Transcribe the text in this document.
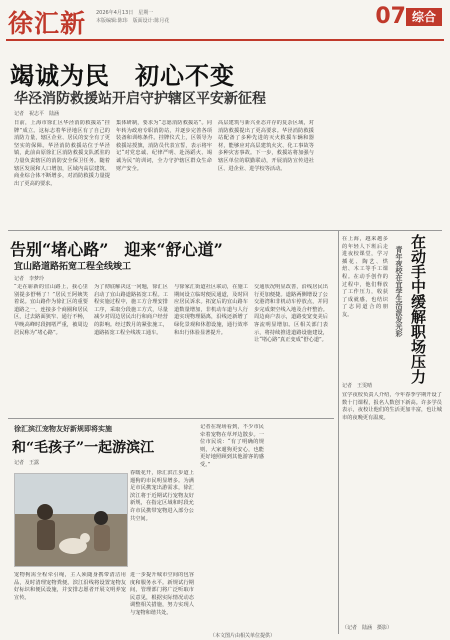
徐汇新 2026年4月13日　星期一
本版编辑:陈玮　版面设计:陈月花	07 综合
竭诚为民　初心不变
华泾消防救援站开启守护辖区平安新征程
记者　祝志平　陆涵
日前，上海市徐汇区华泾消防救援站“挂牌”成立。这标志着华泾地区有了自己的消防力量，辖区企业、居民的安全有了更坚实的保障。华泾消防救援站位于华泾镇，此前由原徐汇区消防救援支队派驻的力量负责辖区的消防安全保卫任务。随着辖区发展和人口增加，区域内高层建筑、商业综合体不断增多，对消防救援力量提出了更高的要求。
集体研制，要求为“志愿消防救援站”。同年转为政府专职消防站，并逐步完善各项装备和训练条件。挂牌仪式上，区领导为救援站授旗，消防员代表宣誓，表示将牢记“对党忠诚、纪律严明、赴汤蹈火、竭诚为民”的训词，全力守护辖区群众生命财产安全。
高层建筑与新兴业态并存的复杂区域，对消防救援提出了更高要求。华泾消防救援站配备了多种先进的灭火救援车辆和器材，能够应对高层建筑火灾、化工事故等多种灾害事故。下一步，救援站将加强与辖区单位的联勤联动，开展消防宣传进社区、进企业、进学校等活动。
告别“堵心路”　迎来“舒心道”
宜山路道路拓宽工程全线竣工
记者　李梦玲
“走在崭新的宜山路上，我心里别提多舒畅了！”居民王阿姨笑着说。宜山路作为徐汇区的重要道路之一，连接多个商圈和居民区，过去路面狭窄、通行不畅，早晚高峰时段拥堵严重，被周边居民称为“堵心路”。
为了彻底解决这一问题，徐汇区启动了宜山路道路拓宽工程。工程实施过程中，施工方合理安排工序，采取分段施工方式，尽量减少对周边居民出行和商户经营的影响。经过数月的紧张施工，道路拓宽工程全线竣工通车。
与徐家汇街道社区联动，在施工期间设立临时便民通道，及时回应居民诉求。拓宽后的宜山路车道数量增加，非机动车道与人行道实现物理隔离，沿线还新增了绿化景观和休憩设施，通行效率和出行体验显著提升。
交通状况明显改善，沿线居民出行更加便捷。道路两侧增设了公交港湾和非机动车停放点，并同步完成架空线入地及合杆整治。周边商户表示，道路变宽变美后客流明显增加。区相关部门表示，将持续推进道路设施建设，让“堵心路”真正变成“舒心道”。
徐汇滨江宠物友好新规即将实施
和“毛孩子”一起游滨江
记者　王露
春暖花开，徐汇滨江步道上遛狗的市民明显增多。为满足市民携宠出游需求，徐汇滨江将于近期试行宠物友好新规，在指定区域和时段允许市民携带宠物进入部分公共空间。
宠物狗需全程牵引绳，主人须随身携带清洁用品，及时清理宠物粪便。滨江沿线将设置宠物友好标识和便民设施，并安排志愿者开展文明养宠宣传。
进一步提升城市空间的包容度和服务水平。新规试行期间，管理部门将广泛听取市民意见，根据实际情况动态调整相关措施，努力实现人与宠物和谐共处。
记者在现场看到，不少市民牵着宠物在草坪边散步。一位市民说：“有了明确的规则，大家遛狗更安心，也能更好地照顾到其他游客的感受。”
在动手中缓解职场压力
青年夜校在宜学生活派发光彩
记者　王雯晴
在上海，越来越多的年轻人下班后走进夜校课堂，学习插花、陶艺、烘焙、木工等手工课程。在动手创作的过程中，他们释放了工作压力，收获了成就感，也结识了志同道合的朋友。
宜学夜校负责人介绍，今年春季学期开设了数十门课程，报名人数创下新高。许多学员表示，夜校让他们的生活更加丰富，也让城市的夜晚更有温度。
（记者　陆涵　摄影）
（本文图片由相关单位提供）
